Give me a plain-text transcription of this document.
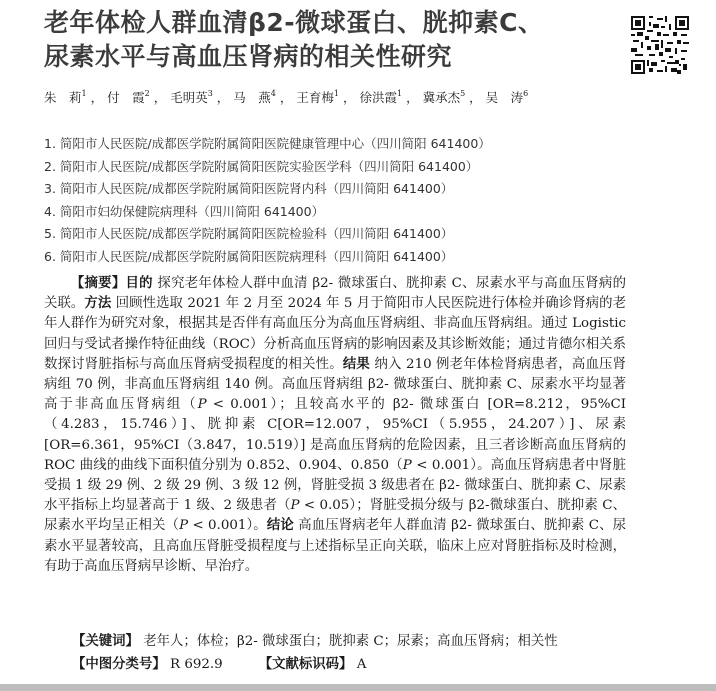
老年体检人群血清β2-微球蛋白、胱抑素C、
尿素水平与高血压肾病的相关性研究
朱　莉$^1$ ， 付　霞$^2$ ， 毛明英$^3$ ， 马　燕$^4$ ， 王育梅$^1$ ， 徐洪霞$^1$ ， 冀承杰$^5$ ， 吴　涛$^6$
1. 简阳市人民医院/成都医学院附属简阳医院健康管理中心（四川简阳 641400）
2. 简阳市人民医院/成都医学院附属简阳医院实验医学科（四川简阳 641400）
3. 简阳市人民医院/成都医学院附属简阳医院肾内科（四川简阳 641400）
4. 简阳市妇幼保健院病理科（四川简阳 641400）
5. 简阳市人民医院/成都医学院附属简阳医院检验科（四川简阳 641400）
6. 简阳市人民医院/成都医学院附属简阳医院病理科（四川简阳 641400）
【摘要】目的 探究老年体检人群中血清 β2- 微球蛋白、胱抑素 C、尿素水平与高血压肾病的关联。方法 回顾性选取 2021 年 2 月至 2024 年 5 月于简阳市人民医院进行体检并确诊肾病的老年人群作为研究对象，根据其是否伴有高血压分为高血压肾病组、非高血压肾病组。通过 Logistic 回归与受试者操作特征曲线（ROC）分析高血压肾病的影响因素及其诊断效能；通过肯德尔相关系数探讨肾脏指标与高血压肾病受损程度的相关性。结果 纳入 210 例老年体检肾病患者，高血压肾病组 70 例，非高血压肾病组 140 例。高血压肾病组 β2- 微球蛋白、胱抑素 C、尿素水平均显著高于非高血压肾病组（P < 0.001）；且较高水平的 β2- 微球蛋白 [OR=8.212，95%CI（4.283，15.746）]、胱抑素 C[OR=12.007，95%CI（5.955，24.207）]、尿素 [OR=6.361，95%CI（3.847，10.519）] 是高血压肾病的危险因素，且三者诊断高血压肾病的 ROC 曲线的曲线下面积值分别为 0.852、0.904、0.850（P < 0.001）。高血压肾病患者中肾脏受损 1 级 29 例、2 级 29 例、3 级 12 例，肾脏受损 3 级患者在 β2- 微球蛋白、胱抑素 C、尿素水平指标上均显著高于 1 级、2 级患者（P < 0.05）；肾脏受损分级与 β2-微球蛋白、胱抑素 C、尿素水平均呈正相关（P < 0.001）。结论 高血压肾病老年人群血清 β2- 微球蛋白、胱抑素 C、尿素水平显著较高，且高血压肾脏受损程度与上述指标呈正向关联，临床上应对肾脏指标及时检测，有助于高血压肾病早诊断、早治疗。
【关键词】 老年人；体检；β2- 微球蛋白；胱抑素 C；尿素；高血压肾病；相关性
【中图分类号】 R 692.9	【文献标识码】 A
